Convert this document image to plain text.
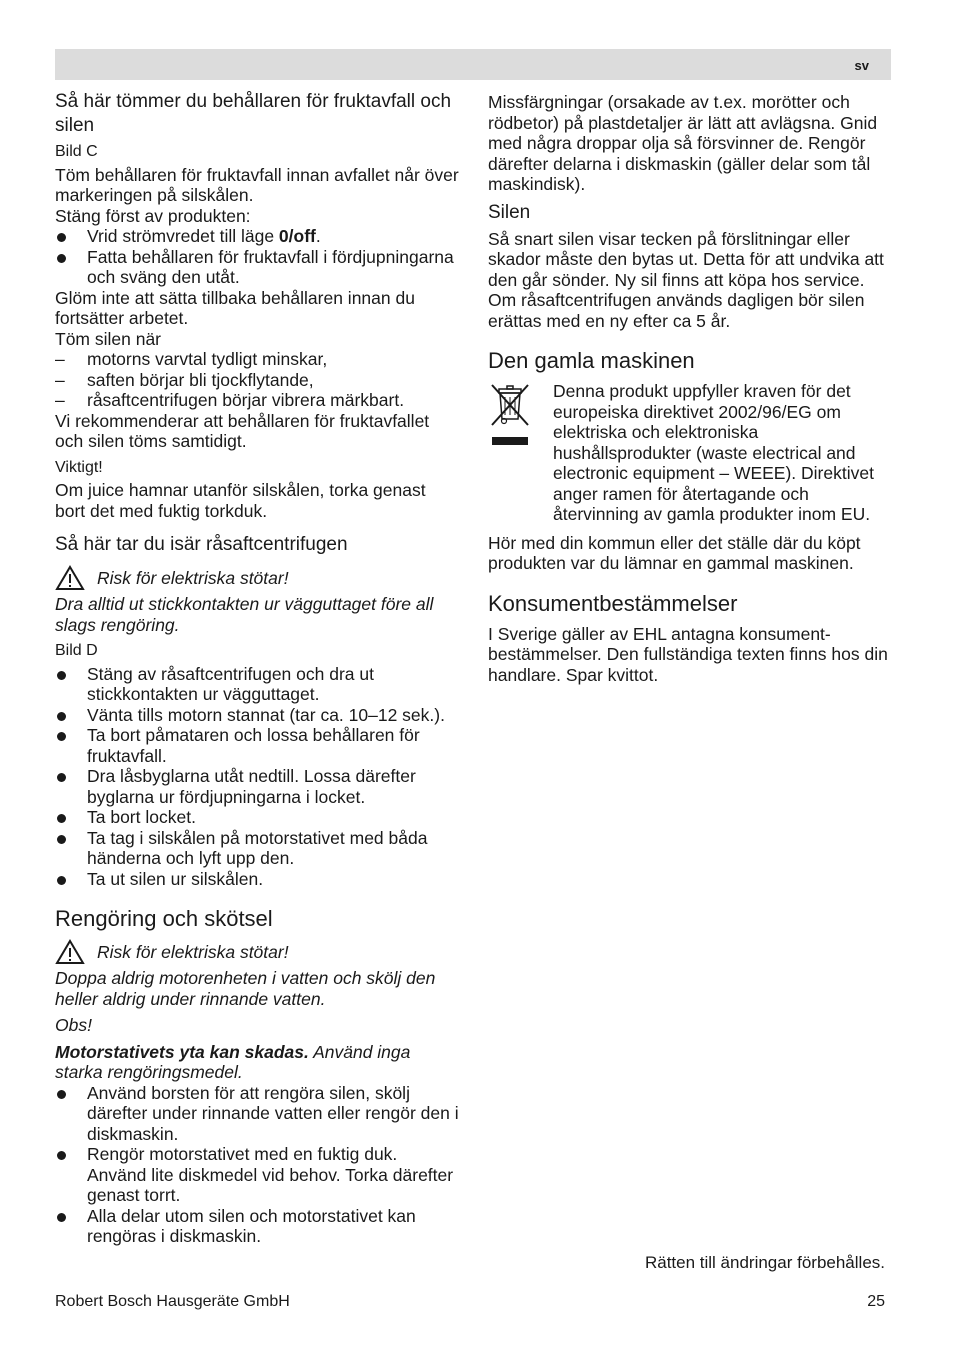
sv
Så här tömmer du behållaren för fruktavfall och silen

Bild C

Töm behållaren för fruktavfall innan avfallet når över markeringen på silskålen.

Stäng först av produkten:

Vrid strömvredet till läge 0/off.
Fatta behållaren för fruktavfall i fördjupningarna och sväng den utåt.

Glöm inte att sätta tillbaka behållaren innan du fortsätter arbetet.

Töm silen när

– motorns varvtal tydligt minskar,
– saften börjar bli tjockflytande,
– råsaftcentrifugen börjar vibrera märkbart.

Vi rekommenderar att behållaren för fruktavfallet och silen töms samtidigt.

Viktigt!

Om juice hamnar utanför silskålen, torka genast bort det med fuktig torkduk.

Så här tar du isär råsaftcentrifugen
Risk för elektriska stötar!

Dra alltid ut stickkontakten ur vägguttaget före all slags rengöring.

Bild D

Stäng av råsaftcentrifugen och dra ut stickkontakten ur vägguttaget.
Vänta tills motorn stannat (tar ca. 10–12 sek.).
Ta bort påmataren och lossa behållaren för fruktavfall.
Dra låsbyglarna utåt nedtill. Lossa därefter byglarna ur fördjupningarna i locket.
Ta bort locket.
Ta tag i silskålen på motorstativet med båda händerna och lyft upp den.
Ta ut silen ur silskålen.
Rengöring och skötsel
Risk för elektriska stötar!

Doppa aldrig motorenheten i vatten och skölj den heller aldrig under rinnande vatten.

Obs!

Motorstativets yta kan skadas. Använd inga starka rengöringsmedel.

Använd borsten för att rengöra silen, skölj därefter under rinnande vatten eller rengör den i diskmaskin.
Rengör motorstativet med en fuktig duk. Använd lite diskmedel vid behov. Torka därefter genast torrt.
Alla delar utom silen och motorstativet kan rengöras i diskmaskin.

Missfärgningar (orsakade av t.ex. morötter och rödbetor) på plastdetaljer är lätt att avlägsna. Gnid med några droppar olja så försvinner de. Rengör därefter delarna i diskmaskin (gäller delar som tål maskindisk).

Silen

Så snart silen visar tecken på förslitningar eller skador måste den bytas ut. Detta för att undvika att den går sönder. Ny sil finns att köpa hos service. Om råsaftcentrifugen används dagligen bör silen erättas med en ny efter ca 5 år.

Den gamla maskinen

Denna produkt uppfyller kraven för det europeiska direktivet 2002/96/EG om elektriska och elektroniska hushållsprodukter (waste electrical and electronic equipment – WEEE). Direktivet anger ramen för återtagande och återvinning av gamla produkter inom EU.

Hör med din kommun eller det ställe där du köpt produkten var du lämnar en gammal maskinen.

Konsumentbestämmelser

I Sverige gäller av EHL antagna konsument-bestämmelser. Den fullständiga texten finns hos din handlare. Spar kvittot.

Rätten till ändringar förbehålles.
Robert Bosch Hausgeräte GmbH	25
